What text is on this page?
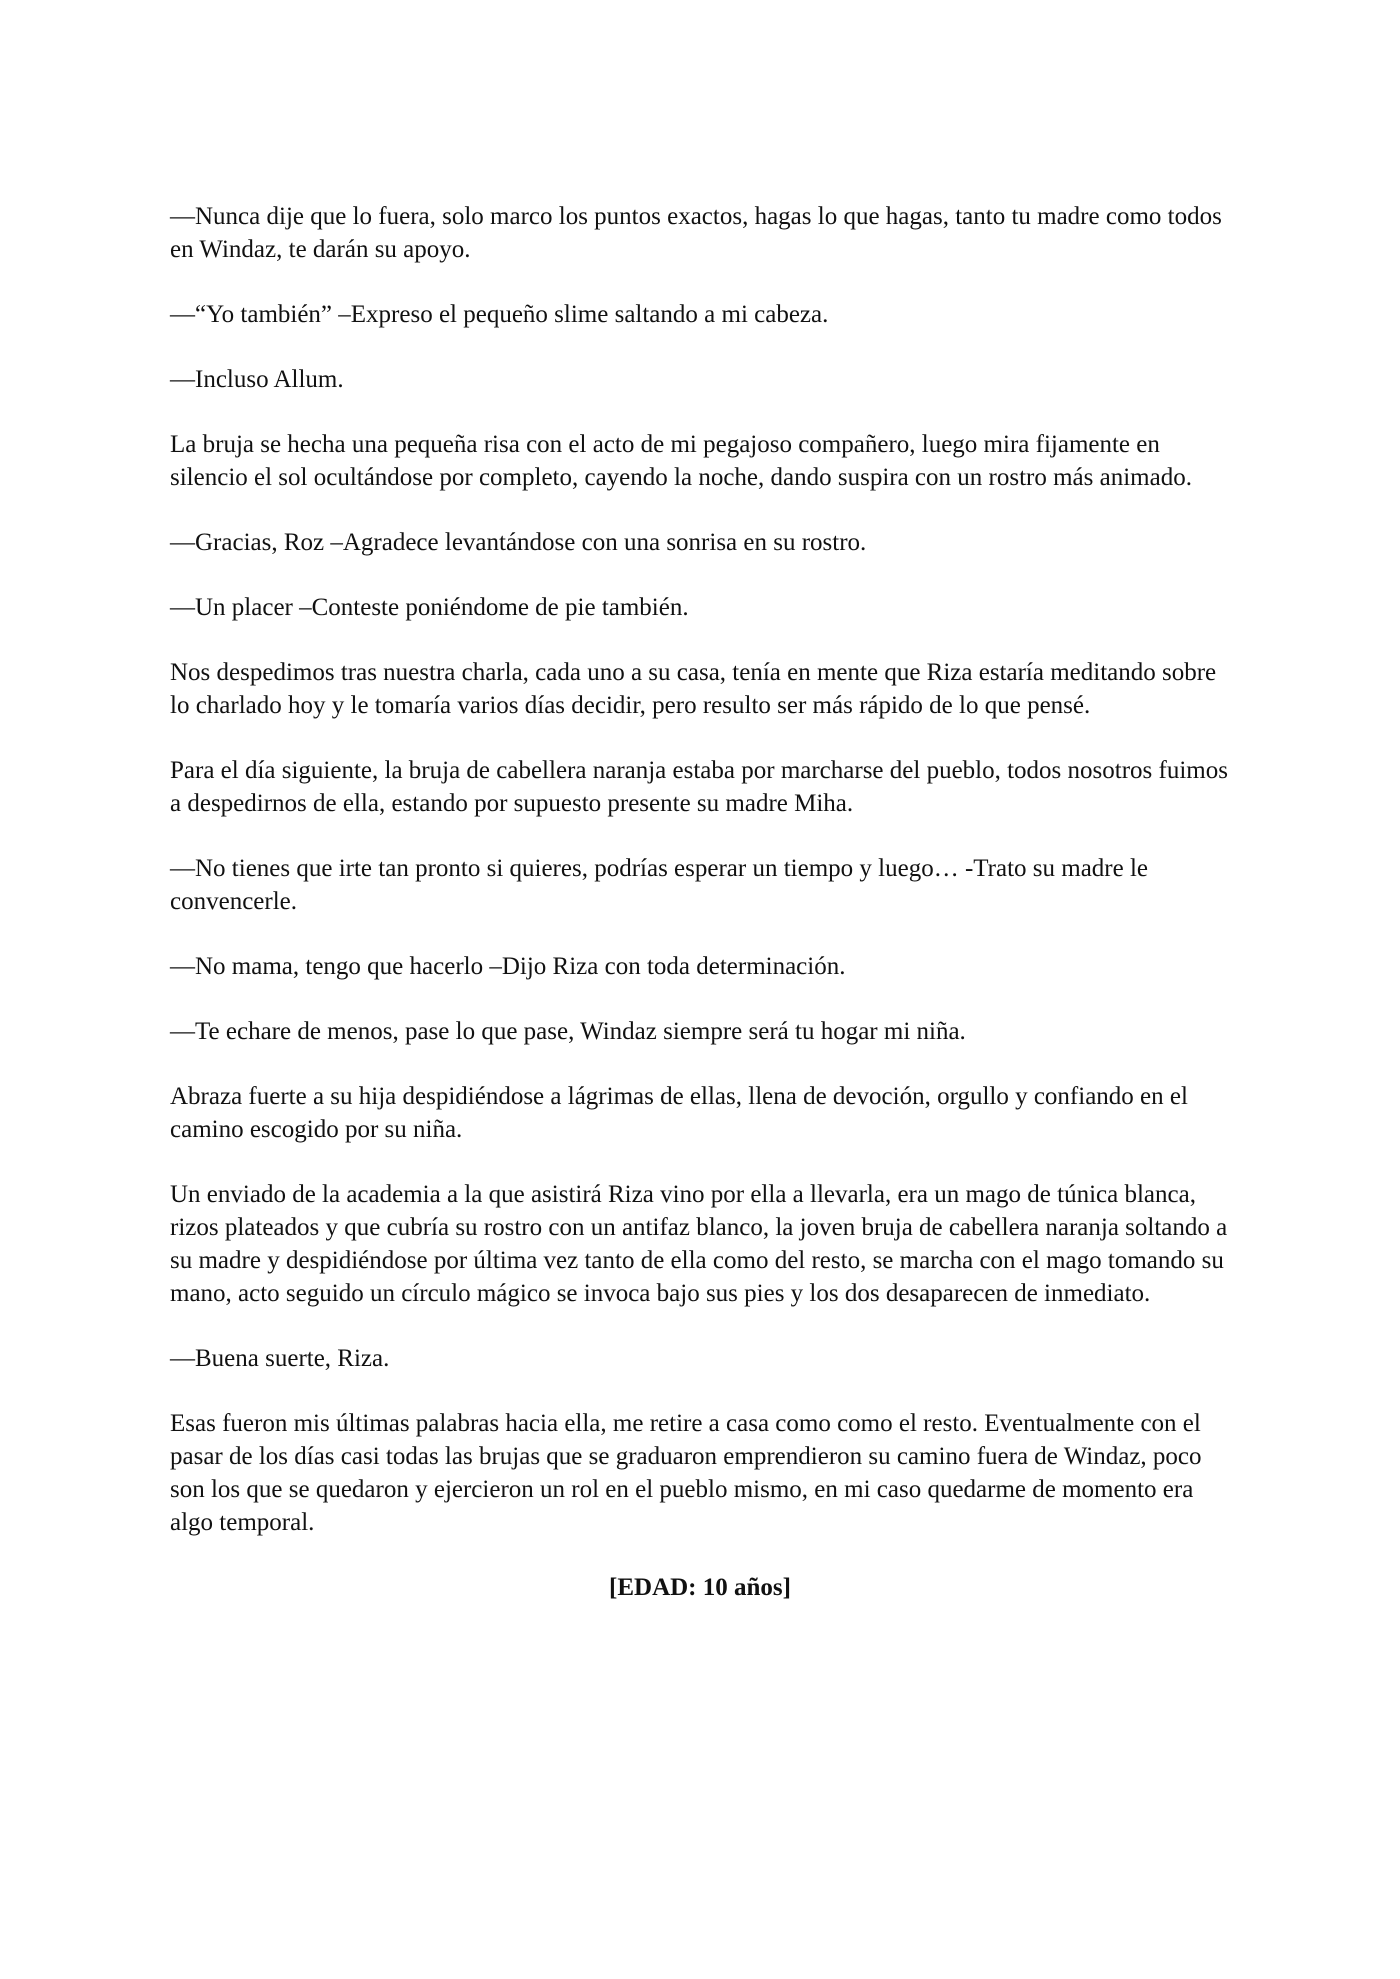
—Nunca dije que lo fuera, solo marco los puntos exactos, hagas lo que hagas, tanto tu madre como todos en Windaz, te darán su apoyo.

—“Yo también” –Expreso el pequeño slime saltando a mi cabeza.

—Incluso Allum.

La bruja se hecha una pequeña risa con el acto de mi pegajoso compañero, luego mira fijamente en silencio el sol ocultándose por completo, cayendo la noche, dando suspira con un rostro más animado.

—Gracias, Roz –Agradece levantándose con una sonrisa en su rostro.

—Un placer –Conteste poniéndome de pie también.

Nos despedimos tras nuestra charla, cada uno a su casa, tenía en mente que Riza estaría meditando sobre lo charlado hoy y le tomaría varios días decidir, pero resulto ser más rápido de lo que pensé.

Para el día siguiente, la bruja de cabellera naranja estaba por marcharse del pueblo, todos nosotros fuimos a despedirnos de ella, estando por supuesto presente su madre Miha.

—No tienes que irte tan pronto si quieres, podrías esperar un tiempo y luego… -Trato su madre le convencerle.

—No mama, tengo que hacerlo –Dijo Riza con toda determinación.

—Te echare de menos, pase lo que pase, Windaz siempre será tu hogar mi niña.

Abraza fuerte a su hija despidiéndose a lágrimas de ellas, llena de devoción, orgullo y confiando en el camino escogido por su niña.

Un enviado de la academia a la que asistirá Riza vino por ella a llevarla, era un mago de túnica blanca, rizos plateados y que cubría su rostro con un antifaz blanco, la joven bruja de cabellera naranja soltando a su madre y despidiéndose por última vez tanto de ella como del resto, se marcha con el mago tomando su mano, acto seguido un círculo mágico se invoca bajo sus pies y los dos desaparecen de inmediato.

—Buena suerte, Riza.

Esas fueron mis últimas palabras hacia ella, me retire a casa como como el resto. Eventualmente con el pasar de los días casi todas las brujas que se graduaron emprendieron su camino fuera de Windaz, poco son los que se quedaron y ejercieron un rol en el pueblo mismo, en mi caso quedarme de momento era algo temporal.

[EDAD: 10 años]
